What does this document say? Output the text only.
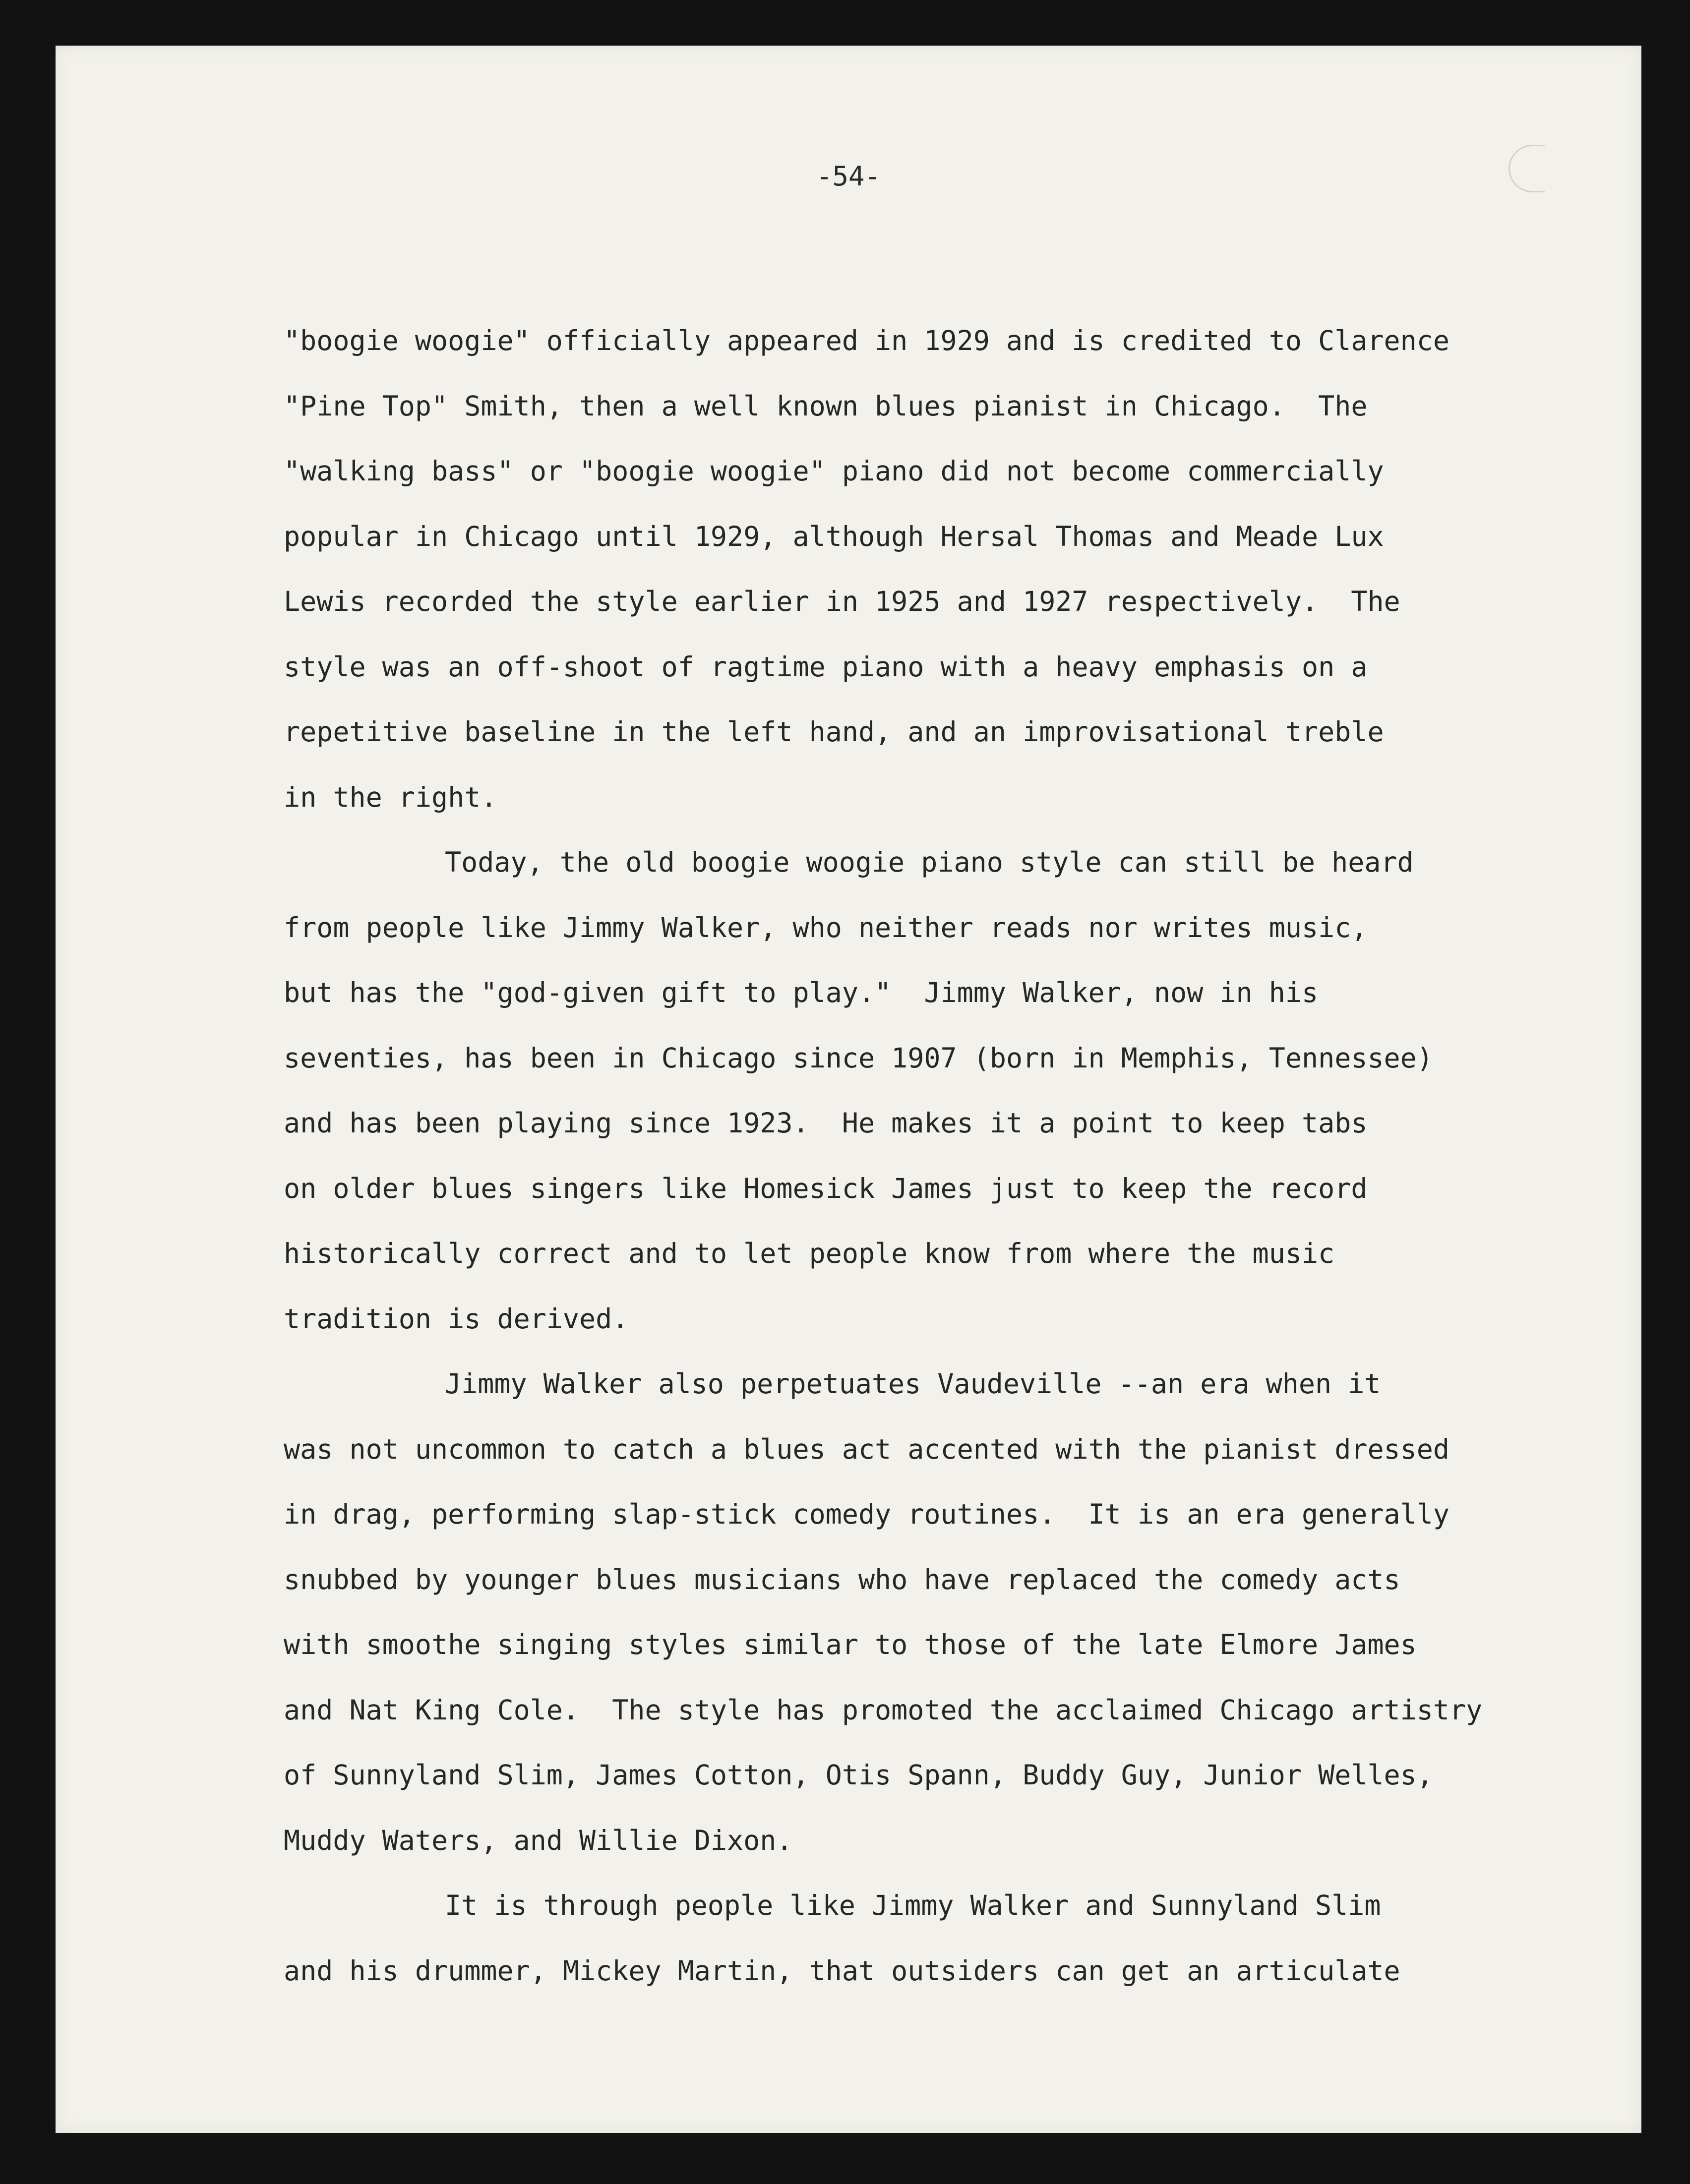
-54-

"boogie woogie" officially appeared in 1929 and is credited to Clarence
"Pine Top" Smith, then a well known blues pianist in Chicago.  The
"walking bass" or "boogie woogie" piano did not become commercially
popular in Chicago until 1929, although Hersal Thomas and Meade Lux
Lewis recorded the style earlier in 1925 and 1927 respectively.  The
style was an off-shoot of ragtime piano with a heavy emphasis on a
repetitive baseline in the left hand, and an improvisational treble
in the right.

Today, the old boogie woogie piano style can still be heard
from people like Jimmy Walker, who neither reads nor writes music,
but has the "god-given gift to play."  Jimmy Walker, now in his
seventies, has been in Chicago since 1907 (born in Memphis, Tennessee)
and has been playing since 1923.  He makes it a point to keep tabs
on older blues singers like Homesick James just to keep the record
historically correct and to let people know from where the music
tradition is derived.

Jimmy Walker also perpetuates Vaudeville --an era when it
was not uncommon to catch a blues act accented with the pianist dressed
in drag, performing slap-stick comedy routines.  It is an era generally
snubbed by younger blues musicians who have replaced the comedy acts
with smoothe singing styles similar to those of the late Elmore James
and Nat King Cole.  The style has promoted the acclaimed Chicago artistry
of Sunnyland Slim, James Cotton, Otis Spann, Buddy Guy, Junior Welles,
Muddy Waters, and Willie Dixon.

It is through people like Jimmy Walker and Sunnyland Slim
and his drummer, Mickey Martin, that outsiders can get an articulate
